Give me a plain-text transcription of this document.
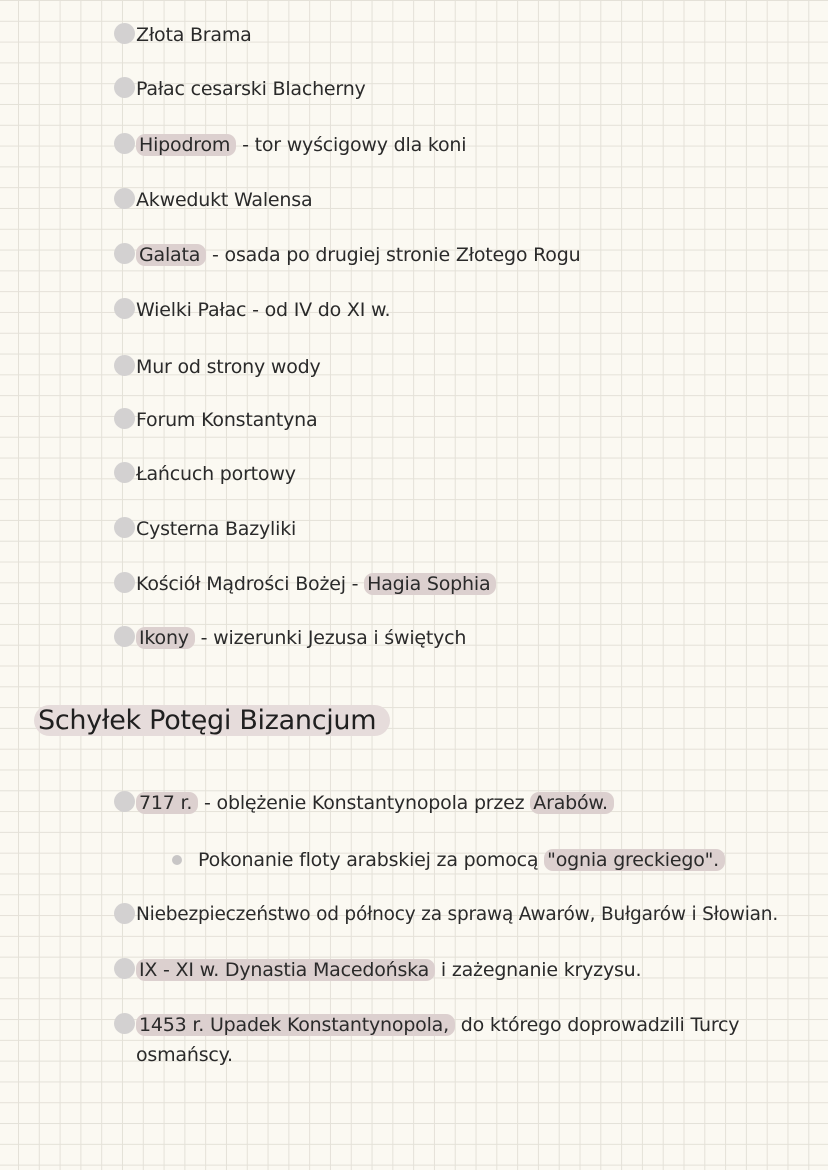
Złota Brama
Pałac cesarski Blacherny
Hipodrom - tor wyścigowy dla koni
Akwedukt Walensa
Galata - osada po drugiej stronie Złotego Rogu
Wielki Pałac - od IV do XI w.
Mur od strony wody
Forum Konstantyna
Łańcuch portowy
Cysterna Bazyliki
Kościół Mądrości Bożej - Hagia Sophia
Ikony - wizerunki Jezusa i świętych
Schyłek Potęgi Bizancjum
717 r. - oblężenie Konstantynopola przez Arabów.
Pokonanie floty arabskiej za pomocą "ognia greckiego".
Niebezpieczeństwo od północy za sprawą Awarów, Bułgarów i Słowian.
IX - XI w. Dynastia Macedońska i zażegnanie kryzysu.
1453 r. Upadek Konstantynopola, do którego doprowadzili Turcy osmańscy.
